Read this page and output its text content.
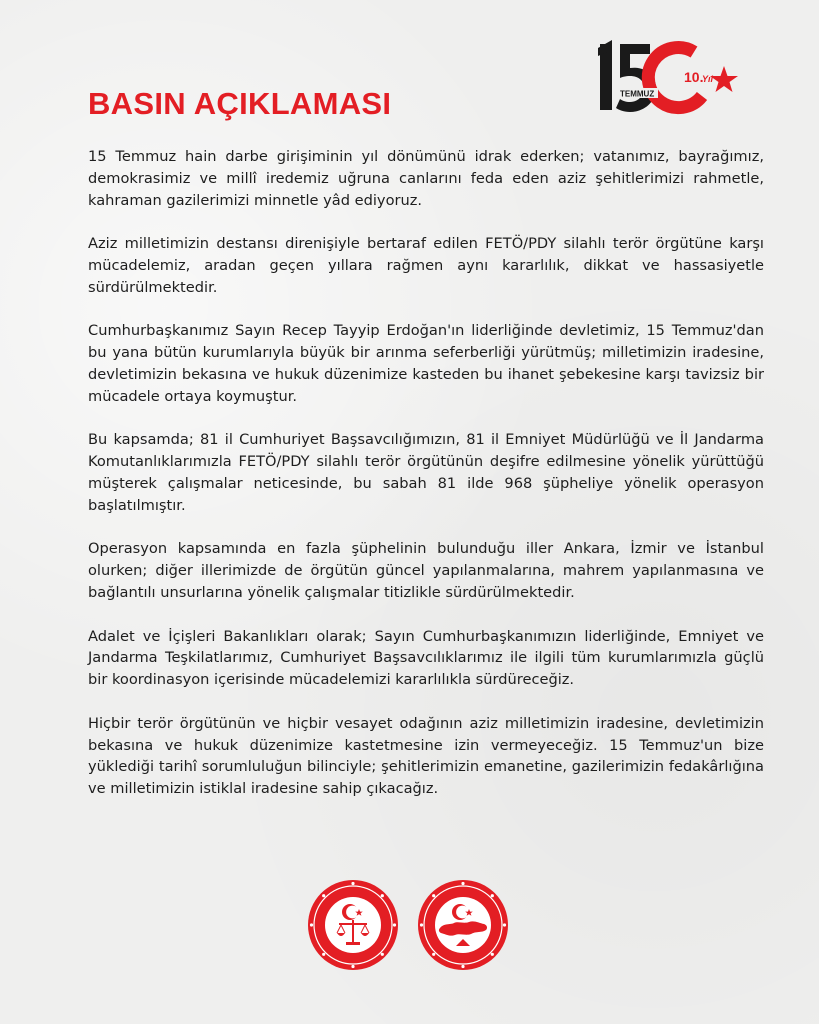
BASIN AÇIKLAMASI	TEMMUZ
10.
Yıl

15 Temmuz hain darbe girişiminin yıl dönümünü idrak ederken; vatanımız, bayrağımız, demokrasimiz ve millî iredemiz uğruna canlarını feda eden aziz şehitlerimizi rahmetle, kahraman gazilerimizi minnetle yâd ediyoruz.

Aziz milletimizin destansı direnişiyle bertaraf edilen FETÖ/PDY silahlı terör örgütüne karşı mücadelemiz, aradan geçen yıllara rağmen aynı kararlılık, dikkat ve hassasiyetle sürdürülmektedir.

Cumhurbaşkanımız Sayın Recep Tayyip Erdoğan'ın liderliğinde devletimiz, 15 Temmuz'dan bu yana bütün kurumlarıyla büyük bir arınma seferberliği yürütmüş; milletimizin iradesine, devletimizin bekasına ve hukuk düzenimize kasteden bu ihanet şebekesine karşı tavizsiz bir mücadele ortaya koymuştur.

Bu kapsamda; 81 il Cumhuriyet Başsavcılığımızın, 81 il Emniyet Müdürlüğü ve İl Jandarma Komutanlıklarımızla FETÖ/PDY silahlı terör örgütünün deşifre edilmesine yönelik yürüttüğü müşterek çalışmalar neticesinde, bu sabah 81 ilde 968 şüpheliye yönelik operasyon başlatılmıştır.

Operasyon kapsamında en fazla şüphelinin bulunduğu iller Ankara, İzmir ve İstanbul olurken; diğer illerimizde de örgütün güncel yapılanmalarına, mahrem yapılanmasına ve bağlantılı unsurlarına yönelik çalışmalar titizlikle sürdürülmektedir.

Adalet ve İçişleri Bakanlıkları olarak; Sayın Cumhurbaşkanımızın liderliğinde, Emniyet ve Jandarma Teşkilatlarımız, Cumhuriyet Başsavcılıklarımız ile ilgili tüm kurumlarımızla güçlü bir koordinasyon içerisinde mücadelemizi kararlılıkla sürdüreceğiz.

Hiçbir terör örgütünün ve hiçbir vesayet odağının aziz milletimizin iradesine, devletimizin bekasına ve hukuk düzenimize kastetmesine izin vermeyeceğiz. 15 Temmuz'un bize yüklediği tarihî sorumluluğun bilinciyle; şehitlerimizin emanetine, gazilerimizin fedakârlığına ve milletimizin istiklal iradesine sahip çıkacağız.
